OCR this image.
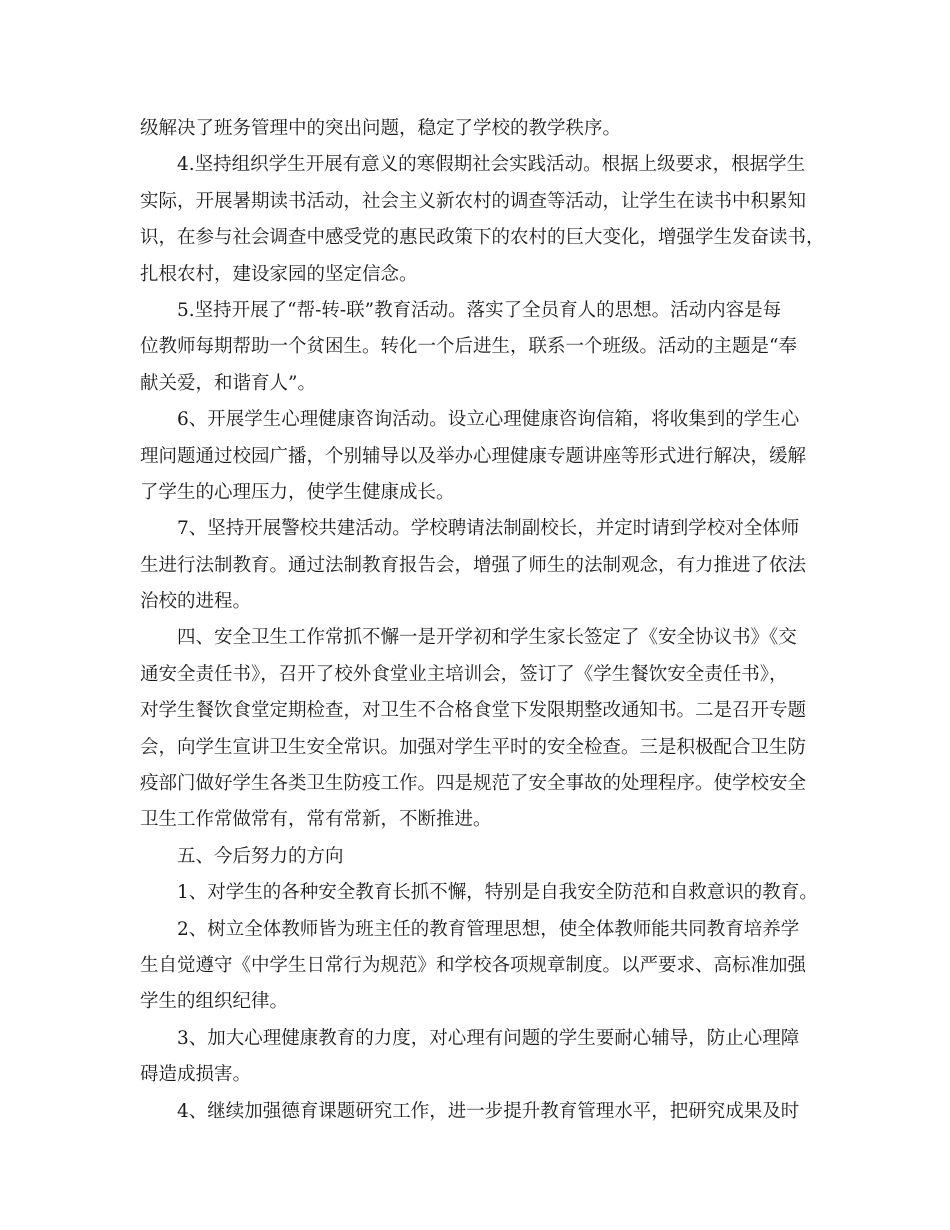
级解决了班务管理中的突出问题，稳定了学校的教学秩序。
4.坚持组织学生开展有意义的寒假期社会实践活动。根据上级要求，根据学生
实际，开展暑期读书活动，社会主义新农村的调查等活动，让学生在读书中积累知
识，在参与社会调查中感受党的惠民政策下的农村的巨大变化，增强学生发奋读书，
扎根农村，建设家园的坚定信念。
5.坚持开展了“帮-转-联”教育活动。落实了全员育人的思想。活动内容是每
位教师每期帮助一个贫困生。转化一个后进生，联系一个班级。活动的主题是“奉
献关爱，和谐育人”。
6、开展学生心理健康咨询活动。设立心理健康咨询信箱，将收集到的学生心
理问题通过校园广播，个别辅导以及举办心理健康专题讲座等形式进行解决，缓解
了学生的心理压力，使学生健康成长。
7、坚持开展警校共建活动。学校聘请法制副校长，并定时请到学校对全体师
生进行法制教育。通过法制教育报告会，增强了师生的法制观念，有力推进了依法
治校的进程。
四、安全卫生工作常抓不懈一是开学初和学生家长签定了《安全协议书》《交
通安全责任书》，召开了校外食堂业主培训会，签订了《学生餐饮安全责任书》，
对学生餐饮食堂定期检查，对卫生不合格食堂下发限期整改通知书。二是召开专题
会，向学生宣讲卫生安全常识。加强对学生平时的安全检查。三是积极配合卫生防
疫部门做好学生各类卫生防疫工作。四是规范了安全事故的处理程序。使学校安全
卫生工作常做常有，常有常新，不断推进。
五、今后努力的方向
1、对学生的各种安全教育长抓不懈，特别是自我安全防范和自救意识的教育。
2、树立全体教师皆为班主任的教育管理思想，使全体教师能共同教育培养学
生自觉遵守《中学生日常行为规范》和学校各项规章制度。以严要求、高标准加强
学生的组织纪律。
3、加大心理健康教育的力度，对心理有问题的学生要耐心辅导，防止心理障
碍造成损害。
4、继续加强德育课题研究工作，进一步提升教育管理水平，把研究成果及时
